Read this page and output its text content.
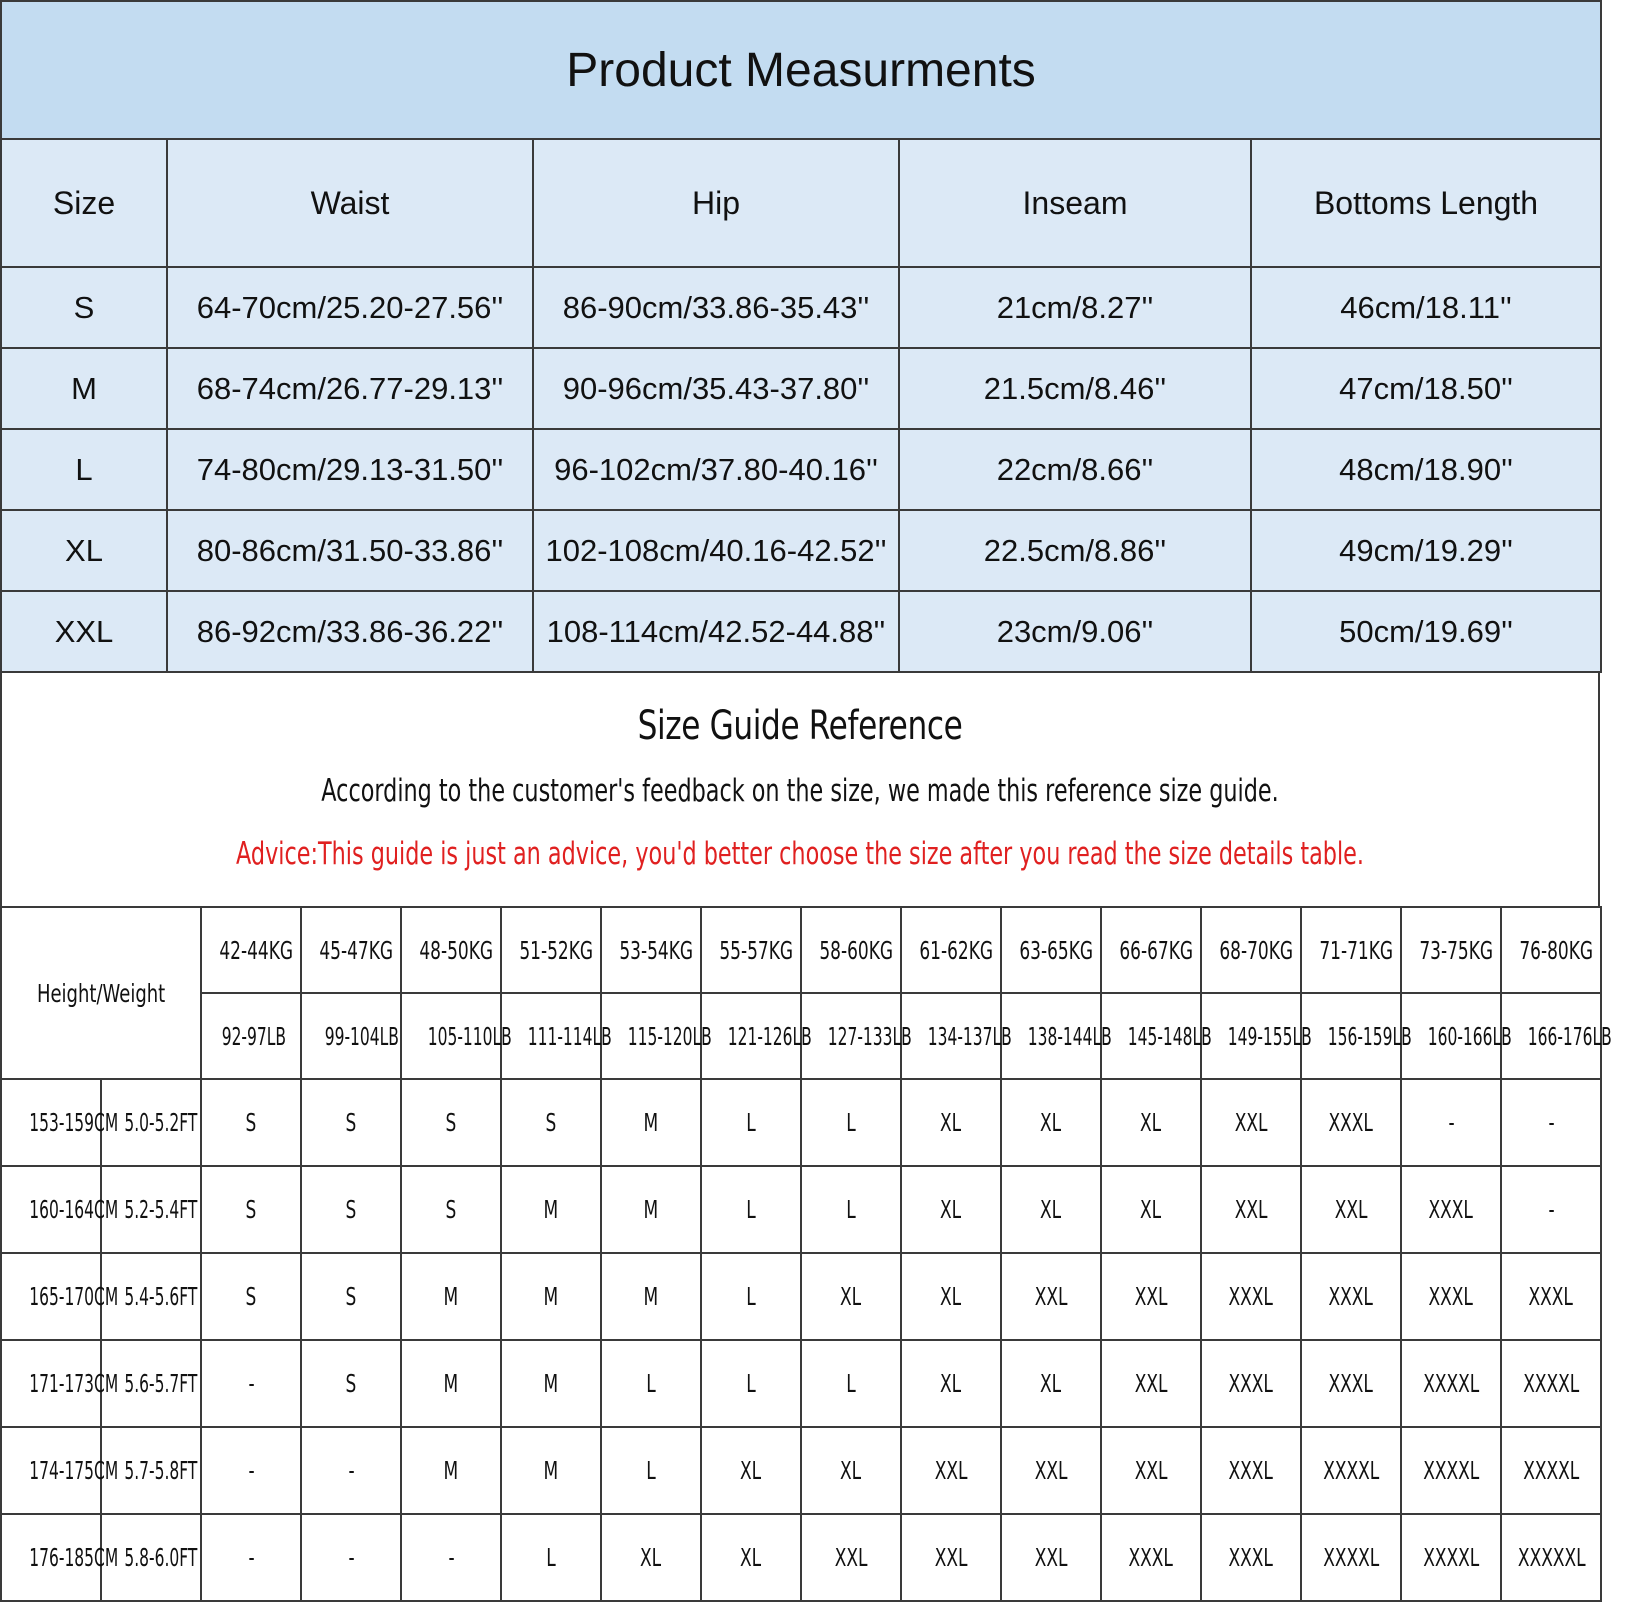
Product Measurments				
Size	Waist	Hip	Inseam	Bottoms Length
S	64-70cm/25.20-27.56''	86-90cm/33.86-35.43''	21cm/8.27''	46cm/18.11''
M	68-74cm/26.77-29.13''	90-96cm/35.43-37.80''	21.5cm/8.46''	47cm/18.50''
L	74-80cm/29.13-31.50''	96-102cm/37.80-40.16''	22cm/8.66''	48cm/18.90''
XL	80-86cm/31.50-33.86''	102-108cm/40.16-42.52''	22.5cm/8.86''	49cm/19.29''
XXL	86-92cm/33.86-36.22''	108-114cm/42.52-44.88''	23cm/9.06''	50cm/19.69''
Size Guide Reference
According to the customer's feedback on the size, we made this reference size guide.
Advice:This guide is just an advice, you'd better choose the size after you read the size details table.
Height/Weight		42-44KG	45-47KG	48-50KG	51-52KG	53-54KG	55-57KG	58-60KG	61-62KG	63-65KG	66-67KG	68-70KG	71-71KG	73-75KG	76-80KG
		92-97LB	99-104LB	105-110LB	111-114LB	115-120LB	121-126LB	127-133LB	134-137LB	138-144LB	145-148LB	149-155LB	156-159LB	160-166LB	166-176LB
153-159CM	5.0-5.2FT	S	S	S	S	M	L	L	XL	XL	XL	XXL	XXXL	-	-
160-164CM	5.2-5.4FT	S	S	S	M	M	L	L	XL	XL	XL	XXL	XXL	XXXL	-
165-170CM	5.4-5.6FT	S	S	M	M	M	L	XL	XL	XXL	XXL	XXXL	XXXL	XXXL	XXXL
171-173CM	5.6-5.7FT	-	S	M	M	L	L	L	XL	XL	XXL	XXXL	XXXL	XXXXL	XXXXL
174-175CM	5.7-5.8FT	-	-	M	M	L	XL	XL	XXL	XXL	XXL	XXXL	XXXXL	XXXXL	XXXXL
176-185CM	5.8-6.0FT	-	-	-	L	XL	XL	XXL	XXL	XXL	XXXL	XXXL	XXXXL	XXXXL	XXXXXL
